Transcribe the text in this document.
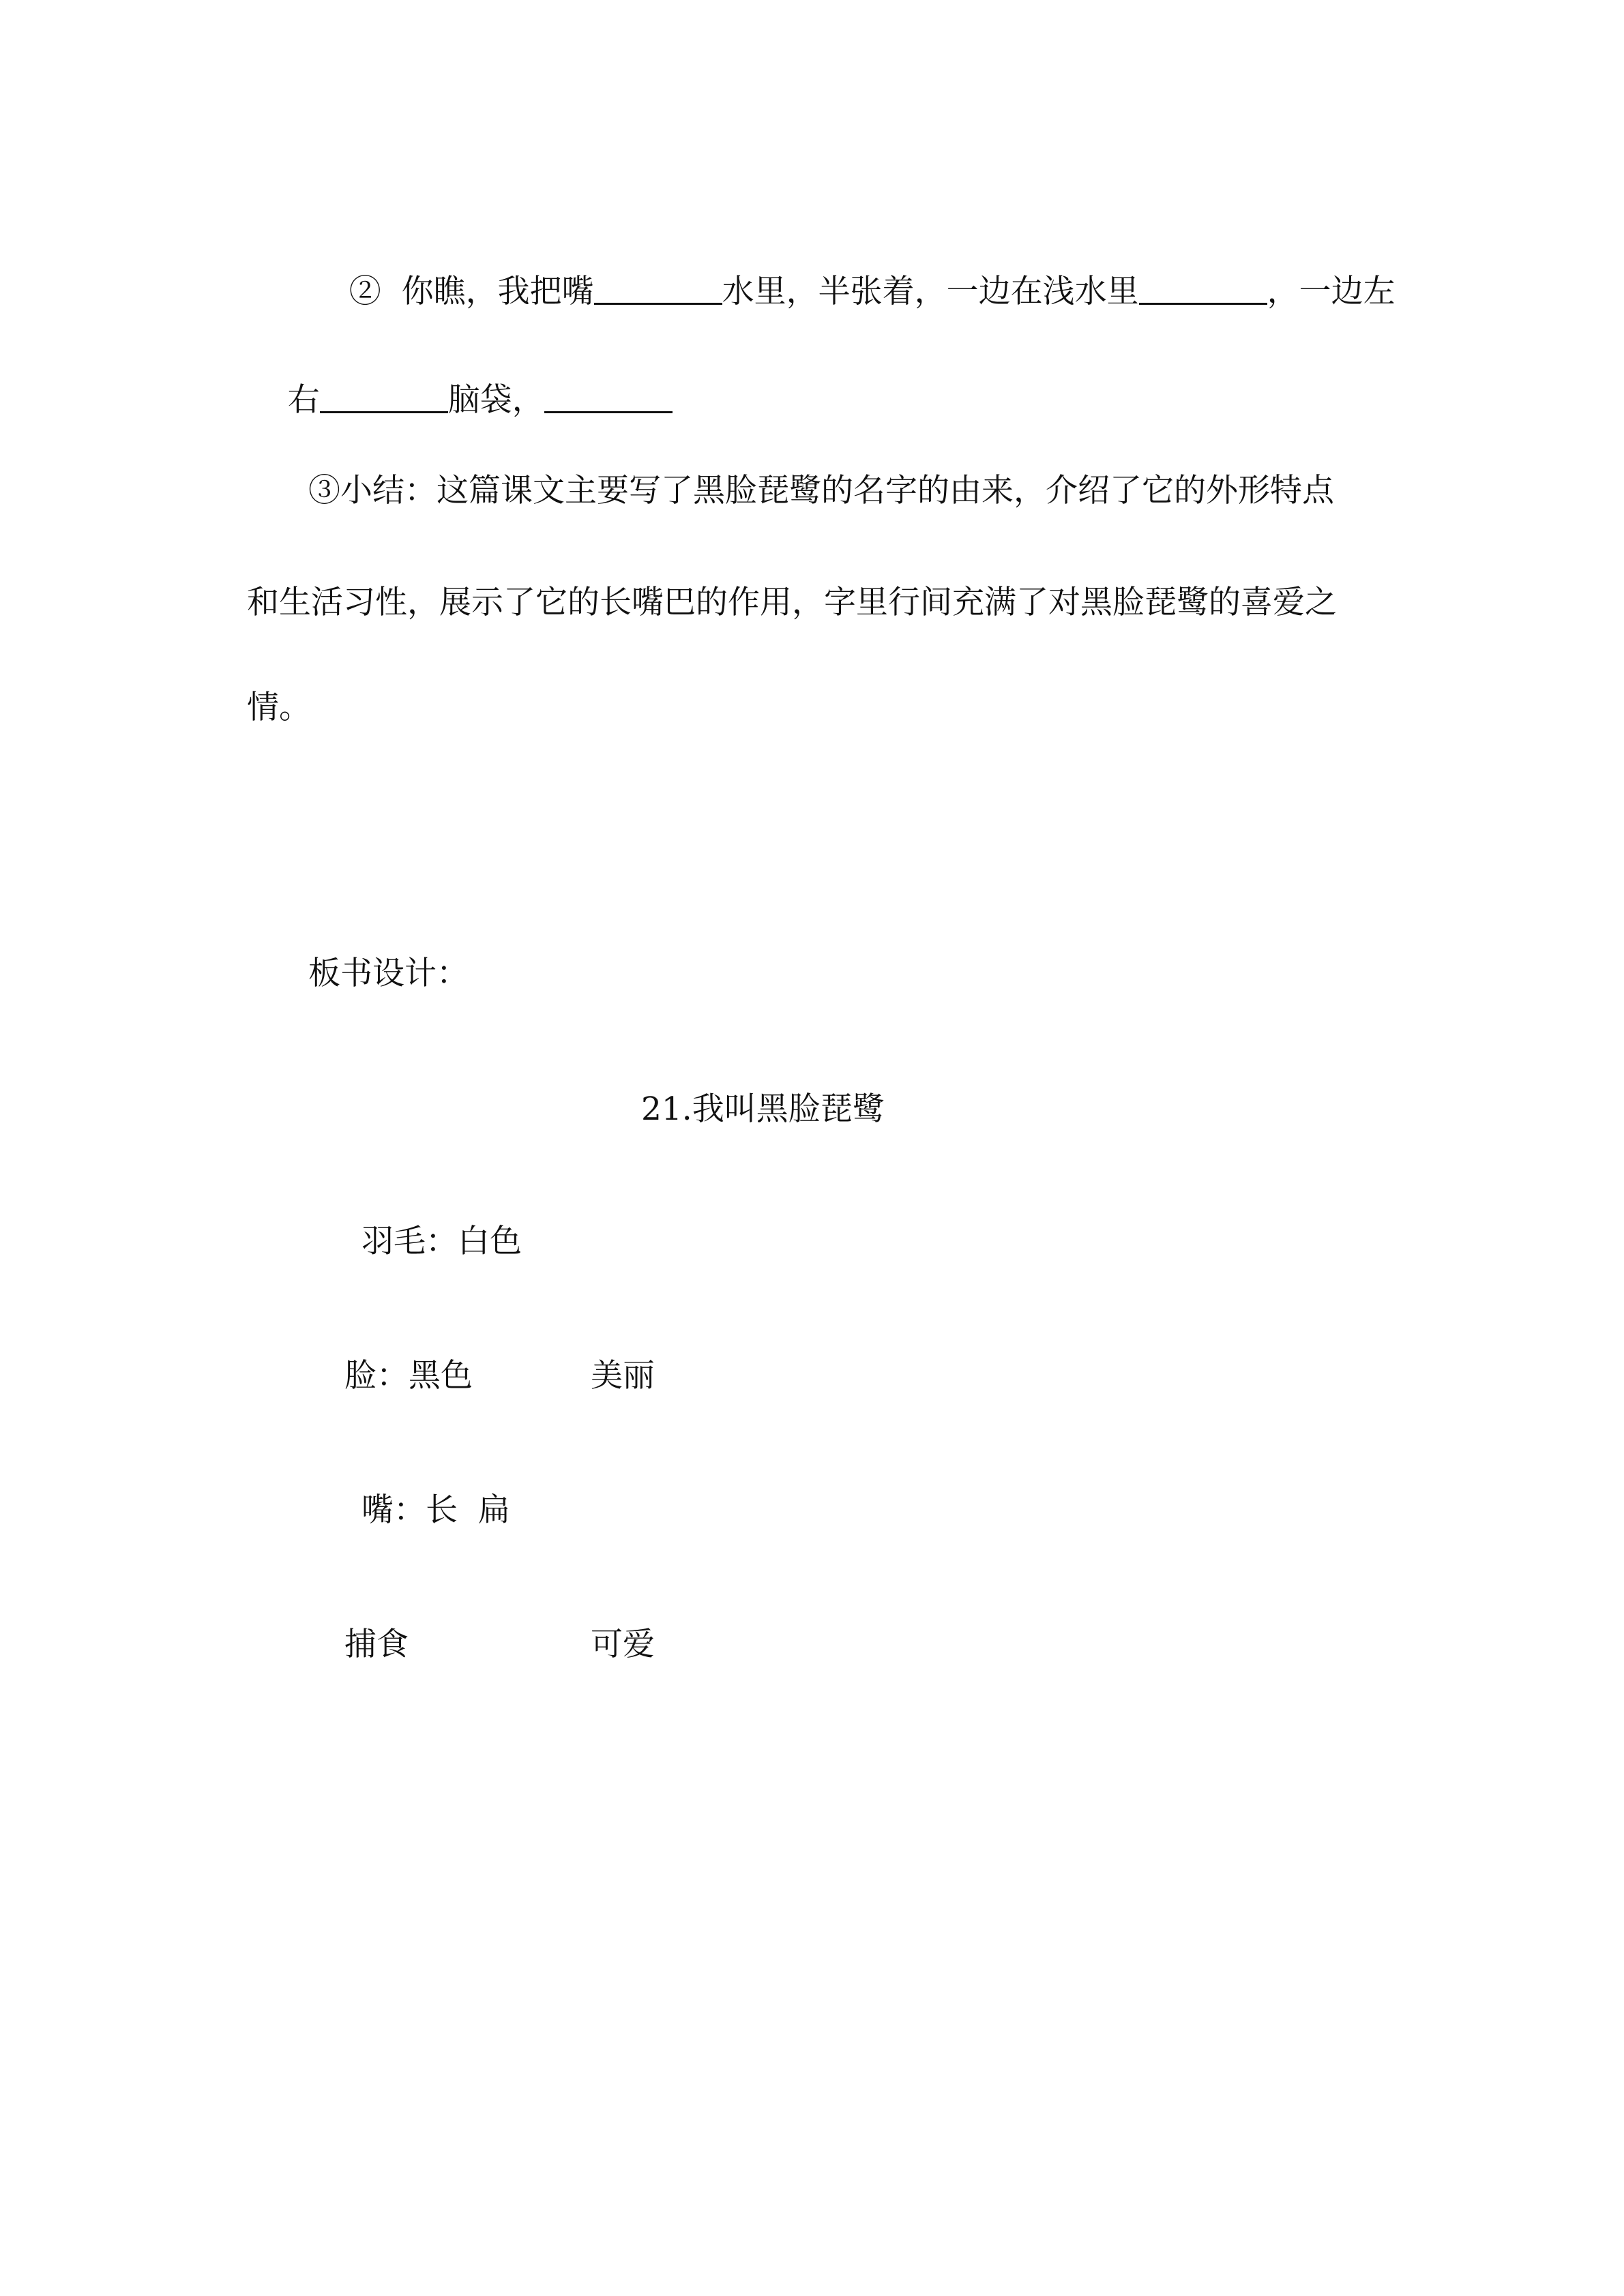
②  你瞧，我把嘴	水里，半张着，一边在浅水里	，一边左

右	脑袋，

③小结：这篇课文主要写了黑脸琵鹭的名字的由来，介绍了它的外形特点
和生活习性，展示了它的长嘴巴的作用，字里行间充满了对黑脸琵鹭的喜爱之
情。
板书设计：
21.我叫黑脸琵鹭
羽毛：白色
脸：黑色	美丽
嘴：长  扁
捕食	可爱
